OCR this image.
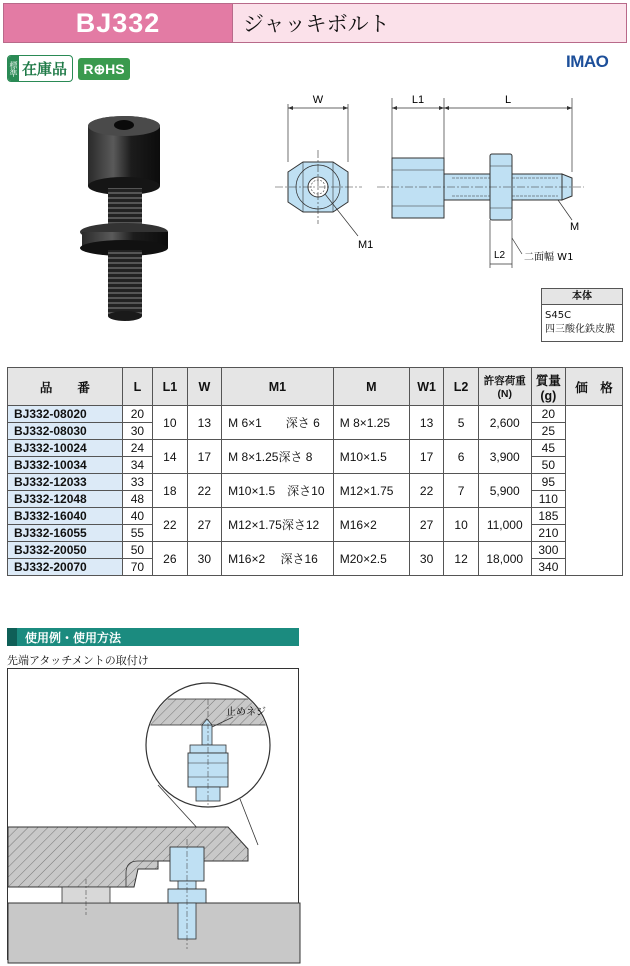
BJ332	ジャッキボルト
標準 在庫品	R⊕HS	IMAO
W
M1
L1	L
L2 二面幅 W1
M
本体
S45C
四三酸化鉄皮膜
品　　番	L	L1	W	M1	M	W1	L2	許容荷重
(N)	質量
(g)	価　格
BJ332-08020	20	10	13	M 6×1　　深さ 6	M 8×1.25	13	5	2,600	20	
BJ332-08030	30								25	
BJ332-10024	24	14	17	M 8×1.25深さ 8	M10×1.5	17	6	3,900	45	
BJ332-10034	34								50	
BJ332-12033	33	18	22	M10×1.5　深さ10	M12×1.75	22	7	5,900	95	
BJ332-12048	48								110	
BJ332-16040	40	22	27	M12×1.75深さ12	M16×2	27	10	11,000	185	
BJ332-16055	55								210	
BJ332-20050	50	26	30	M16×2　 深さ16	M20×2.5	30	12	18,000	300	
BJ332-20070	70								340	
使用例・使用方法
先端アタッチメントの取付け
止めネジ
